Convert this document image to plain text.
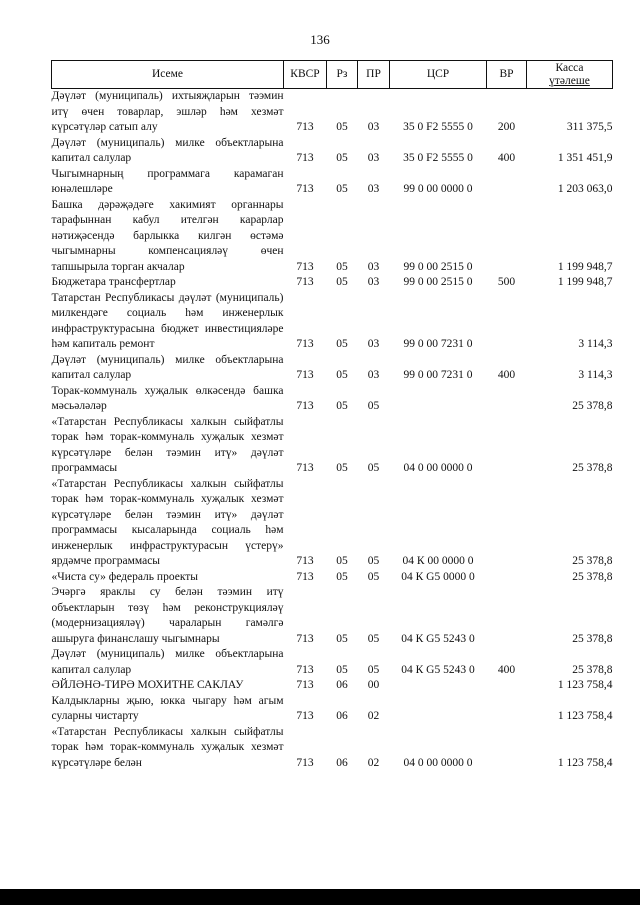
136
Исеме	КВСР	Рз	ПР	ЦСР	ВР	Касса
үтәлеше

Дәүләт (муниципаль) ихтыяҗларын тәэмин итү өчен товарлар, эшләр һәм хезмәт күрсәтүләр сатып алу	713	05	03	35 0 F2 5555 0	200	311 375,5
Дәүләт (муниципаль) милке объектларына капитал салулар	713	05	03	35 0 F2 5555 0	400	1 351 451,9
Чыгымнарның программага карамаган юнәлешләре	713	05	03	99 0 00 0000 0		1 203 063,0
Башка дәрәҗәдәге хакимият органнары тарафыннан кабул ителгән карарлар нәтиҗәсендә барлыкка килгән өстәмә чыгымнарны компенсацияләү өчен тапшырыла торган акчалар	713	05	03	99 0 00 2515 0		1 199 948,7
Бюджетара трансфертлар	713	05	03	99 0 00 2515 0	500	1 199 948,7
Татарстан Республикасы дәүләт (муниципаль) милкендәге социаль һәм инженерлык инфраструктурасына бюджет инвестицияләре һәм капиталь ремонт	713	05	03	99 0 00 7231 0		3 114,3
Дәүләт (муниципаль) милке объектларына капитал салулар	713	05	03	99 0 00 7231 0	400	3 114,3
Торак-коммуналь хуҗалык өлкәсендә башка мәсьәләләр	713	05	05			25 378,8
«Татарстан Республикасы халкын сыйфатлы торак һәм торак-коммуналь хуҗалык хезмәт күрсәтүләре белән тәэмин итү» дәүләт программасы	713	05	05	04 0 00 0000 0		25 378,8
«Татарстан Республикасы халкын сыйфатлы торак һәм торак-коммуналь хуҗалык хезмәт күрсәтүләре белән тәэмин итү» дәүләт программасы кысаларында социаль һәм инженерлык инфраструктурасын үстерү» ярдәмче программасы	713	05	05	04 К 00 0000 0		25 378,8
«Чиста су» федераль проекты	713	05	05	04 К G5 0000 0		25 378,8
Эчәргә яраклы су белән тәэмин итү объектларын төзү һәм реконструкцияләү (модернизацияләү) чараларын гамәлгә ашыруга финанслашу чыгымнары	713	05	05	04 К G5 5243 0		25 378,8
Дәүләт (муниципаль) милке объектларына капитал салулар	713	05	05	04 К G5 5243 0	400	25 378,8
ӘЙЛӘНӘ-ТИРӘ МОХИТНЕ САКЛАУ	713	06	00			1 123 758,4
Калдыкларны җыю, юкка чыгару һәм агым суларны чистарту	713	06	02			1 123 758,4
«Татарстан Республикасы халкын сыйфатлы торак һәм торак-коммуналь хуҗалык хезмәт күрсәтүләре белән	713	06	02	04 0 00 0000 0		1 123 758,4
